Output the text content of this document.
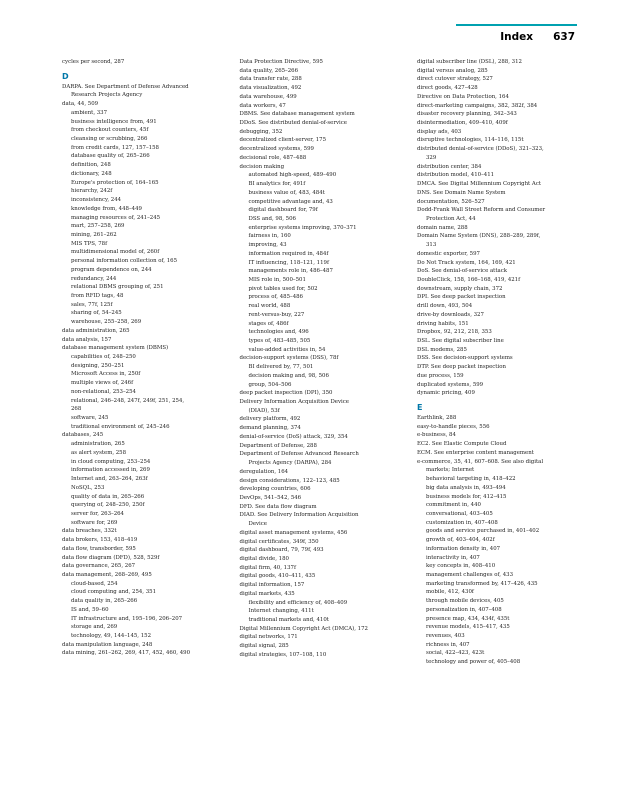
Index 637
cycles per second, 287
D
DARPA. See Department of Defense Advanced
Research Projects Agency
data, 44, 509
ambient, 337
business intelligence from, 491
from checkout counters, 45f
cleansing or scrubbing, 266
from credit cards, 127, 157–158
database quality of, 265–266
definition, 248
dictionary, 248
Europe's protection of, 164–165
hierarchy, 242f
inconsistency, 244
knowledge from, 448–449
managing resources of, 241–245
mart, 257–258, 269
mining, 261–262
MIS TPS, 78f
multidimensional model of, 260f
personal information collection of, 165
program dependence on, 244
redundancy, 244
relational DBMS grouping of, 251
from RFID tags, 48
sales, 77f, 125f
sharing of, 54–245
warehouse, 255–258, 269
data administration, 265
data analysis, 157
database management system (DBMS)
capabilities of, 248–250
designing, 250–251
Microsoft Access in, 250f
multiple views of, 246f
non-relational, 253–254
relational, 246–248, 247f, 249f, 251, 254,
268
software, 245
traditional environment of, 245–246
databases, 245
administration, 265
as alert system, 258
in cloud computing, 253–254
information accessed in, 269
Internet and, 263–264, 263f
NoSQL, 253
quality of data in, 265–266
querying of, 248–250, 250f
server for, 263–264
software for, 269
data breaches, 332t
data brokers, 153, 418–419
data flow, transborder, 595
data flow diagram (DFD), 528, 529f
data governance, 265, 267
data management, 268–269, 495
cloud-based, 254
cloud computing and, 254, 351
data quality in, 265–266
IS and, 59–60
IT infrastructure and, 195–196, 206–207
storage and, 269
technology, 49, 144–145, 152
data manipulation language, 248
data mining, 261–262, 269, 417, 452, 460, 490
Data Protection Directive, 595
data quality, 265–266
data transfer rate, 288
data visualization, 492
data warehouse, 499
data workers, 47
DBMS. See database management system
DDoS. See distributed denial-of-service
debugging, 352
decentralized client-server, 175
decentralized systems, 599
decisional role, 487–488
decision making
automated high-speed, 489–490
BI analytics for, 491f
business value of, 483, 484t
competitive advantage and, 43
digital dashboard for, 79f
DSS and, 98, 506
enterprise systems improving, 370–371
fairness in, 160
improving, 43
information required in, 484f
IT influencing, 118–121, 119f
managements role in, 486–487
MIS role in, 500–501
pivot tables used for, 502
process of, 485–486
real world, 488
rent-versus-buy, 227
stages of, 486f
technologies and, 496
types of, 483–485, 505
value-added activities in, 54
decision-support systems (DSS), 78f
BI delivered by, 77, 501
decision making and, 98, 506
group, 504–506
deep packet inspection (DPI), 350
Delivery Information Acquisition Device
(DIAD), 53f
delivery platform, 492
demand planning, 374
denial-of-service (DoS) attack, 329, 354
Department of Defense, 288
Department of Defense Advanced Research
Projects Agency (DARPA), 284
deregulation, 164
design considerations, 122–123, 485
developing countries, 606
DevOps, 541–542, 546
DFD. See data flow diagram
DIAD. See Delivery Information Acquisition
Device
digital asset management systems, 456
digital certificates, 349f, 350
digital dashboard, 79, 79f, 493
digital divide, 180
digital firm, 40, 137f
digital goods, 410–411, 435
digital information, 157
digital markets, 435
flexibility and efficiency of, 408–409
Internet changing, 411t
traditional markets and, 410t
Digital Millennium Copyright Act (DMCA), 172
digital networks, 171
digital signal, 285
digital strategies, 107–108, 110
digital subscriber line (DSL), 288, 312
digital versus analog, 285
direct cutover strategy, 527
direct goods, 427–428
Directive on Data Protection, 164
direct-marketing campaigns, 382, 382f, 384
disaster recovery planning, 342–343
disintermediation, 409–410, 409f
display ads, 403
disruptive technologies, 114–116, 115t
distributed denial-of-service (DDoS), 321–323,
329
distribution center, 384
distribution model, 410–411
DMCA. See Digital Millennium Copyright Act
DNS. See Domain Name System
documentation, 526–527
Dodd-Frank Wall Street Reform and Consumer
Protection Act, 44
domain name, 288
Domain Name System (DNS), 288–289, 289f,
313
domestic exporter, 597
Do Not Track system, 164, 169, 421
DoS. See denial-of-service attack
DoubleClick, 158, 166–168, 419, 421f
downstream, supply chain, 372
DPI. See deep packet inspection
drill down, 493, 504
drive-by downloads, 327
driving habits, 151
Dropbox, 92, 212, 218, 353
DSL. See digital subscriber line
DSL modems, 285
DSS. See decision-support systems
DTP. See deep packet inspection
due process, 159
duplicated systems, 599
dynamic pricing, 409
E
Earthlink, 288
easy-to-handle pieces, 556
e-business, 84
EC2. See Elastic Compute Cloud
ECM. See enterprise content management
e-commerce, 35, 41, 607–608. See also digital
markets; Internet
behavioral targeting in, 418–422
big data analysis in, 493–494
business models for, 412–415
commitment in, 440
conversational, 403–405
customization in, 407–408
goods and service purchased in, 401–402
growth of, 403–404, 402f
information density in, 407
interactivity in, 407
key concepts in, 408–410
management challenges of, 433
marketing transformed by, 417–426, 435
mobile, 412, 430f
through mobile devices, 405
personalization in, 407–408
presence map, 434, 434f, 435t
revenue models, 415–417, 435
revenues, 403
richness in, 407
social, 422–423, 423t
technology and power of, 405–408
